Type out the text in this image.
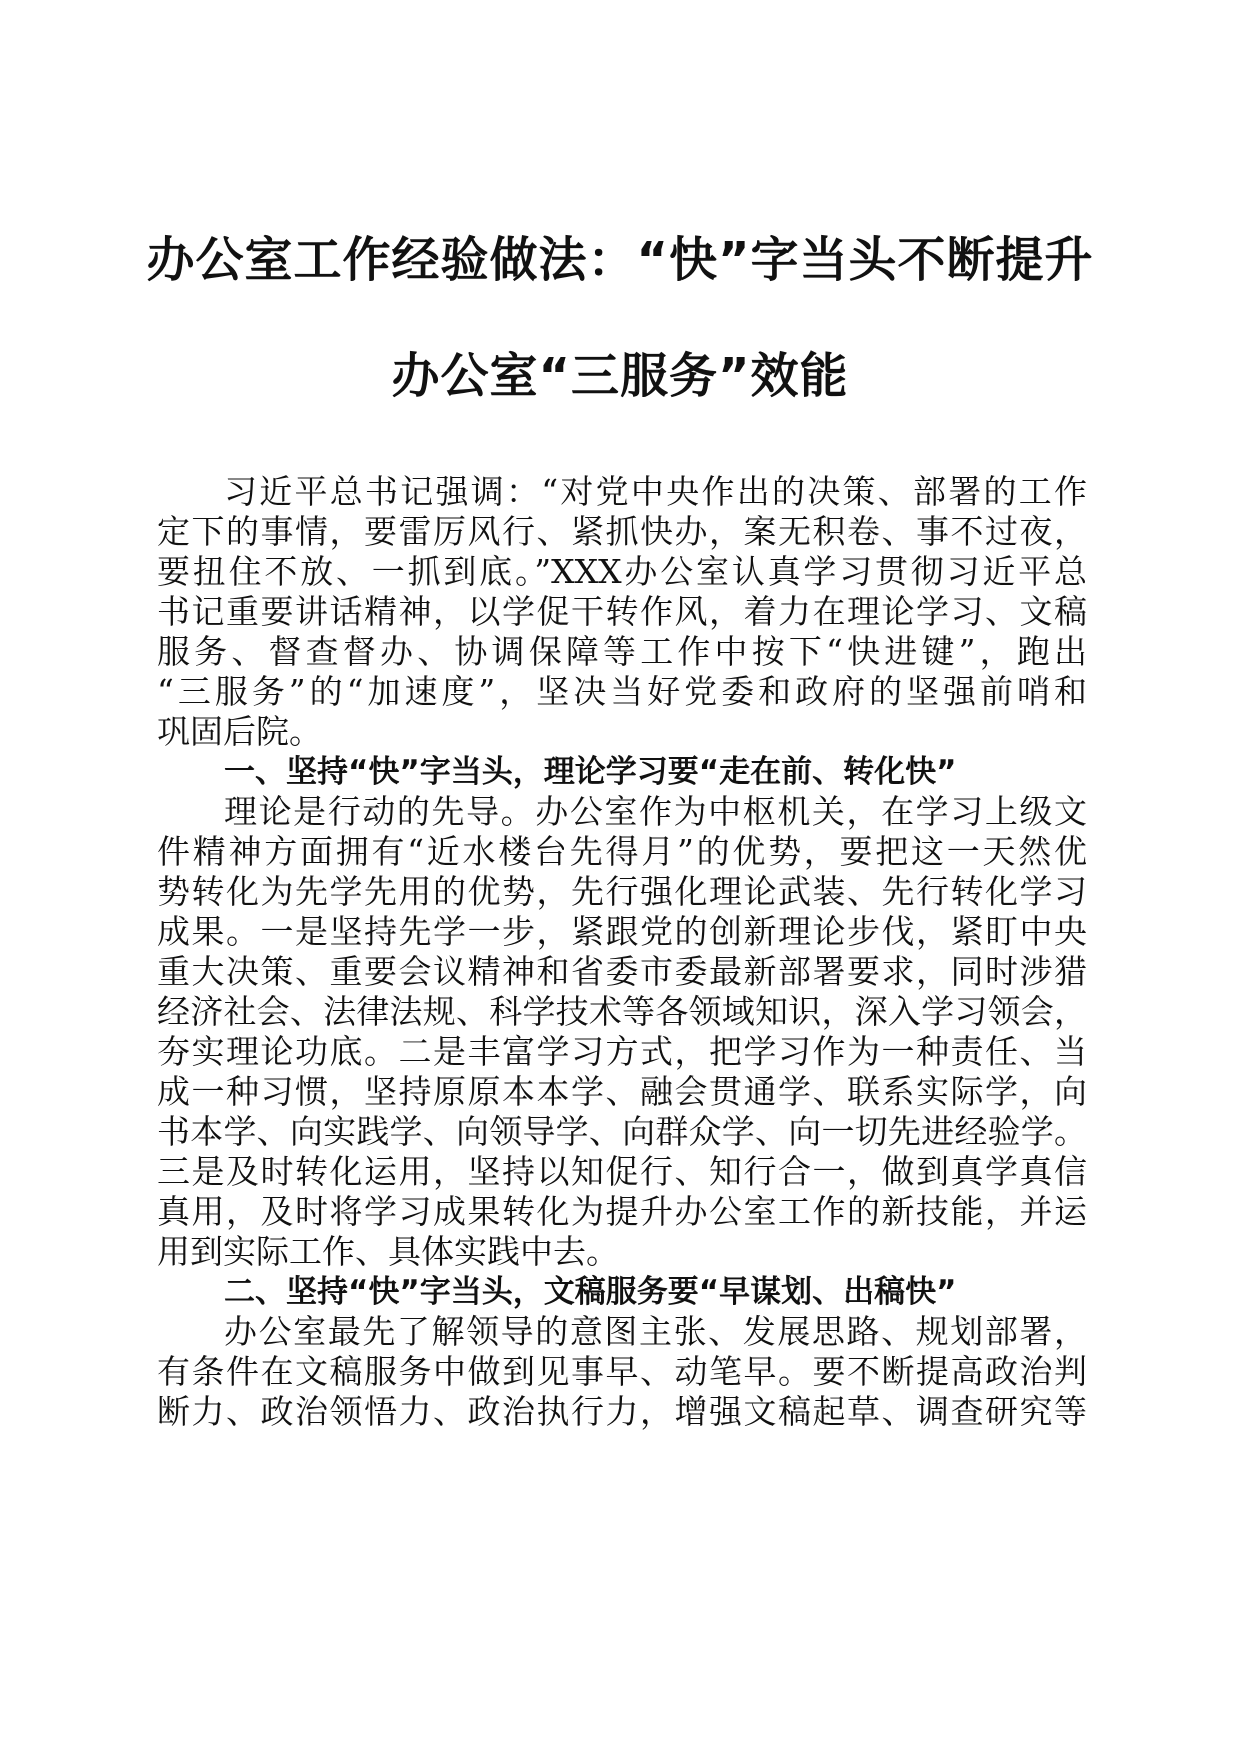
办公室工作经验做法：“快”字当头不断提升
办公室“三服务”效能
习近平总书记强调：“对党中央作出的决策、部署的工作
定下的事情，要雷厉风行、紧抓快办，案无积卷、事不过夜，
要扭住不放、一抓到底。”XXX办公室认真学习贯彻习近平总
书记重要讲话精神，以学促干转作风，着力在理论学习、文稿
服务、督查督办、协调保障等工作中按下“快进键”，跑出
“三服务”的“加速度”，坚决当好党委和政府的坚强前哨和
巩固后院。
一、坚持“快”字当头，理论学习要“走在前、转化快”
理论是行动的先导。办公室作为中枢机关，在学习上级文
件精神方面拥有“近水楼台先得月”的优势，要把这一天然优
势转化为先学先用的优势，先行强化理论武装、先行转化学习
成果。一是坚持先学一步，紧跟党的创新理论步伐，紧盯中央
重大决策、重要会议精神和省委市委最新部署要求，同时涉猎
经济社会、法律法规、科学技术等各领域知识，深入学习领会，
夯实理论功底。二是丰富学习方式，把学习作为一种责任、当
成一种习惯，坚持原原本本学、融会贯通学、联系实际学，向
书本学、向实践学、向领导学、向群众学、向一切先进经验学。
三是及时转化运用，坚持以知促行、知行合一，做到真学真信
真用，及时将学习成果转化为提升办公室工作的新技能，并运
用到实际工作、具体实践中去。
二、坚持“快”字当头，文稿服务要“早谋划、出稿快”
办公室最先了解领导的意图主张、发展思路、规划部署，
有条件在文稿服务中做到见事早、动笔早。要不断提高政治判
断力、政治领悟力、政治执行力，增强文稿起草、调查研究等
